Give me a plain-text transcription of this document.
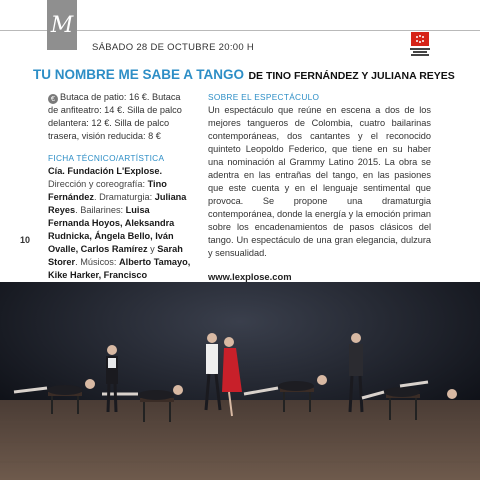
M
SÁBADO 28 DE OCTUBRE 20:00 H
TU NOMBRE ME SABE A TANGO DE TINO FERNÁNDEZ Y JULIANA REYES
€ Butaca de patio: 16 €. Butaca de anfiteatro: 14 €. Silla de palco delantera: 12 €. Silla de palco trasera, visión reducida: 8 €
FICHA TÉCNICO/ARTÍSTICA
Cía. Fundación L'Explose. Dirección y coreografía: Tino Fernández. Dramaturgia: Juliana Reyes. Bailarines: Luisa Fernanda Hoyos, Aleksandra Rudnicka, Ángela Bello, Iván Ovalle, Carlos Ramírez y Sarah Storer. Músicos: Alberto Tamayo, Kike Harker, Francisco
SOBRE EL ESPECTÁCULO

Un espectáculo que reúne en escena a dos de los mejores tangueros de Colombia, cuatro bailarinas contemporáneas, dos cantantes y el reconocido quinteto Leopoldo Federico, que tiene en su haber una nominación al Grammy Latino 2015. La obra se adentra en las entrañas del tango, en las pasiones que este cuenta y en el lenguaje sentimental que provoca. Se propone una dramaturgia contemporánea, donde la energía y la emoción priman sobre los encadenamientos de pasos clásicos del tango. Un espectáculo de una gran elegancia, dulzura y sensualidad.

www.lexplose.com
10
